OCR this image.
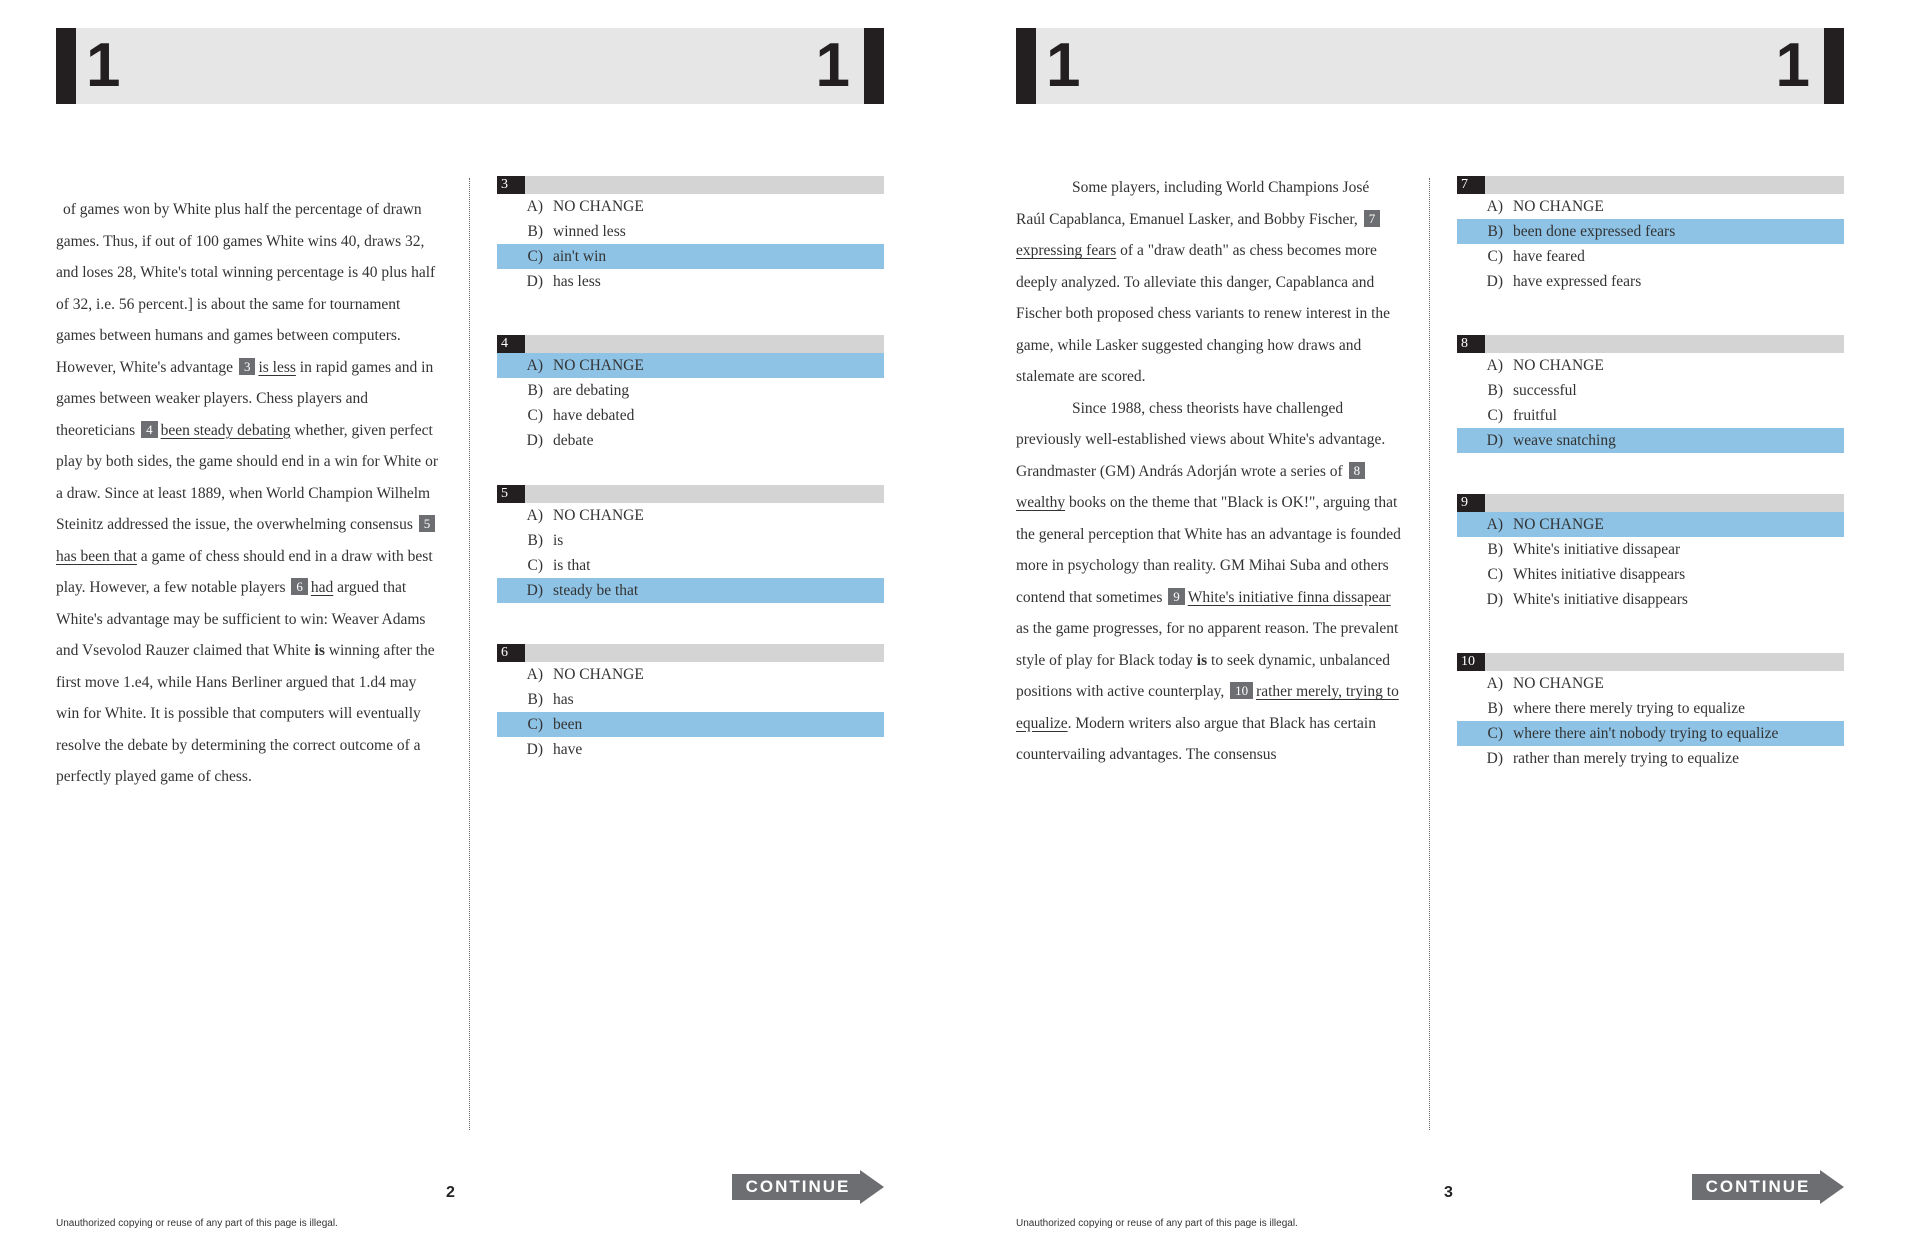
1	1

of games won by White plus half the percentage of drawn games. Thus, if out of 100 games White wins 40, draws 32, and loses 28, White's total winning percentage is 40 plus half of 32, i.e. 56 percent.] is about the same for tournament games between humans and games between computers. However, White's advantage 3 is less in rapid games and in games between weaker players. Chess players and theoreticians 4 been steady debating whether, given perfect play by both sides, the game should end in a win for White or a draw. Since at least 1889, when World Champion Wilhelm Steinitz addressed the issue, the overwhelming consensus 5has been that a game of chess should end in a draw with best play. However, a few notable players 6 had argued that White's advantage may be sufficient to win: Weaver Adams and Vsevolod Rauzer claimed that White is winning after the first move 1.e4, while Hans Berliner argued that 1.d4 may win for White. It is possible that computers will eventually resolve the debate by determining the correct outcome of a perfectly played game of chess.

3
A) NO CHANGE
B) winned less
C) ain't win
D) has less
4
A) NO CHANGE
B) are debating
C) have debated
D) debate
5
A) NO CHANGE
B) is
C) is that
D) steady be that
6
A) NO CHANGE
B) has
C) been
D) have
2
Unauthorized copying or reuse of any part of this page is illegal.
CONTINUE
1	1

Some players, including World Champions José Raúl Capablanca, Emanuel Lasker, and Bobby Fischer, 7expressing fears of a "draw death" as chess becomes more deeply analyzed. To alleviate this danger, Capablanca and Fischer both proposed chess variants to renew interest in the game, while Lasker suggested changing how draws and stalemate are scored.

Since 1988, chess theorists have challenged previously well-established views about White's advantage. Grandmaster (GM) András Adorján wrote a series of 8wealthy books on the theme that "Black is OK!", arguing that the general perception that White has an advantage is founded more in psychology than reality. GM Mihai Suba and others contend that sometimes 9 White's initiative finna dissapear as the game progresses, for no apparent reason. The prevalent style of play for Black today is to seek dynamic, unbalanced positions with active counterplay, 10 rather merely, trying to equalize. Modern writers also argue that Black has certain countervailing advantages. The consensus

7
A) NO CHANGE
B) been done expressed fears
C) have feared
D) have expressed fears
8
A) NO CHANGE
B) successful
C) fruitful
D) weave snatching
9
A) NO CHANGE
B) White's initiative dissapear
C) Whites initiative disappears
D) White's initiative disappears
10
A) NO CHANGE
B) where there merely trying to equalize
C) where there ain't nobody trying to equalize
D) rather than merely trying to equalize
3
Unauthorized copying or reuse of any part of this page is illegal.
CONTINUE
